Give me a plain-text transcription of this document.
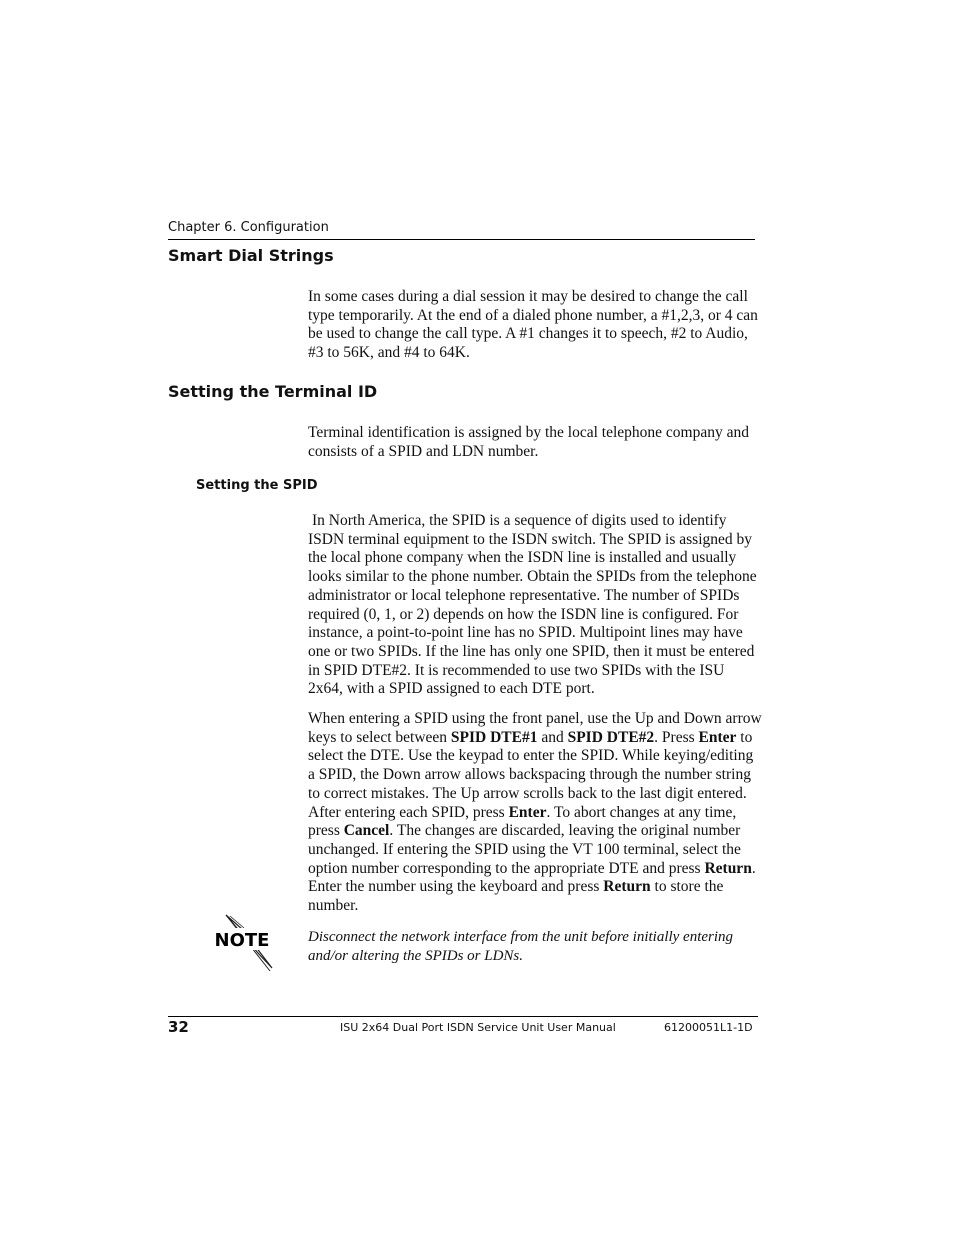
Chapter 6. Configuration
Smart Dial Strings

In some cases during a dial session it may be desired to change the call type temporarily. At the end of a dialed phone number, a #1,2,3, or 4 can be used to change the call type. A #1 changes it to speech, #2 to Audio, #3 to 56K, and #4 to 64K.

Setting the Terminal ID

Terminal identification is assigned by the local telephone company and consists of a SPID and LDN number.

Setting the SPID

In North America, the SPID is a sequence of digits used to identify ISDN terminal equipment to the ISDN switch. The SPID is assigned by the local phone company when the ISDN line is installed and usually looks similar to the phone number. Obtain the SPIDs from the telephone administrator or local telephone representative. The number of SPIDs required (0, 1, or 2) depends on how the ISDN line is configured. For instance, a point-to-point line has no SPID. Multipoint lines may have one or two SPIDs. If the line has only one SPID, then it must be entered in SPID DTE#2. It is recommended to use two SPIDs with the ISU 2x64, with a SPID assigned to each DTE port.

When entering a SPID using the front panel, use the Up and Down arrow keys to select between SPID DTE#1 and SPID DTE#2. Press Enter to select the DTE. Use the keypad to enter the SPID. While keying/editing a SPID, the Down arrow allows backspacing through the number string to correct mistakes. The Up arrow scrolls back to the last digit entered. After entering each SPID, press Enter. To abort changes at any time, press Cancel. The changes are discarded, leaving the original number unchanged. If entering the SPID using the VT 100 terminal, select the option number corresponding to the appropriate DTE and press Return. Enter the number using the keyboard and press Return to store the number.

NOTE	Disconnect the network interface from the unit before initially entering and/or altering the SPIDs or LDNs.

32	ISU 2x64 Dual Port ISDN Service Unit User Manual	61200051L1-1D
